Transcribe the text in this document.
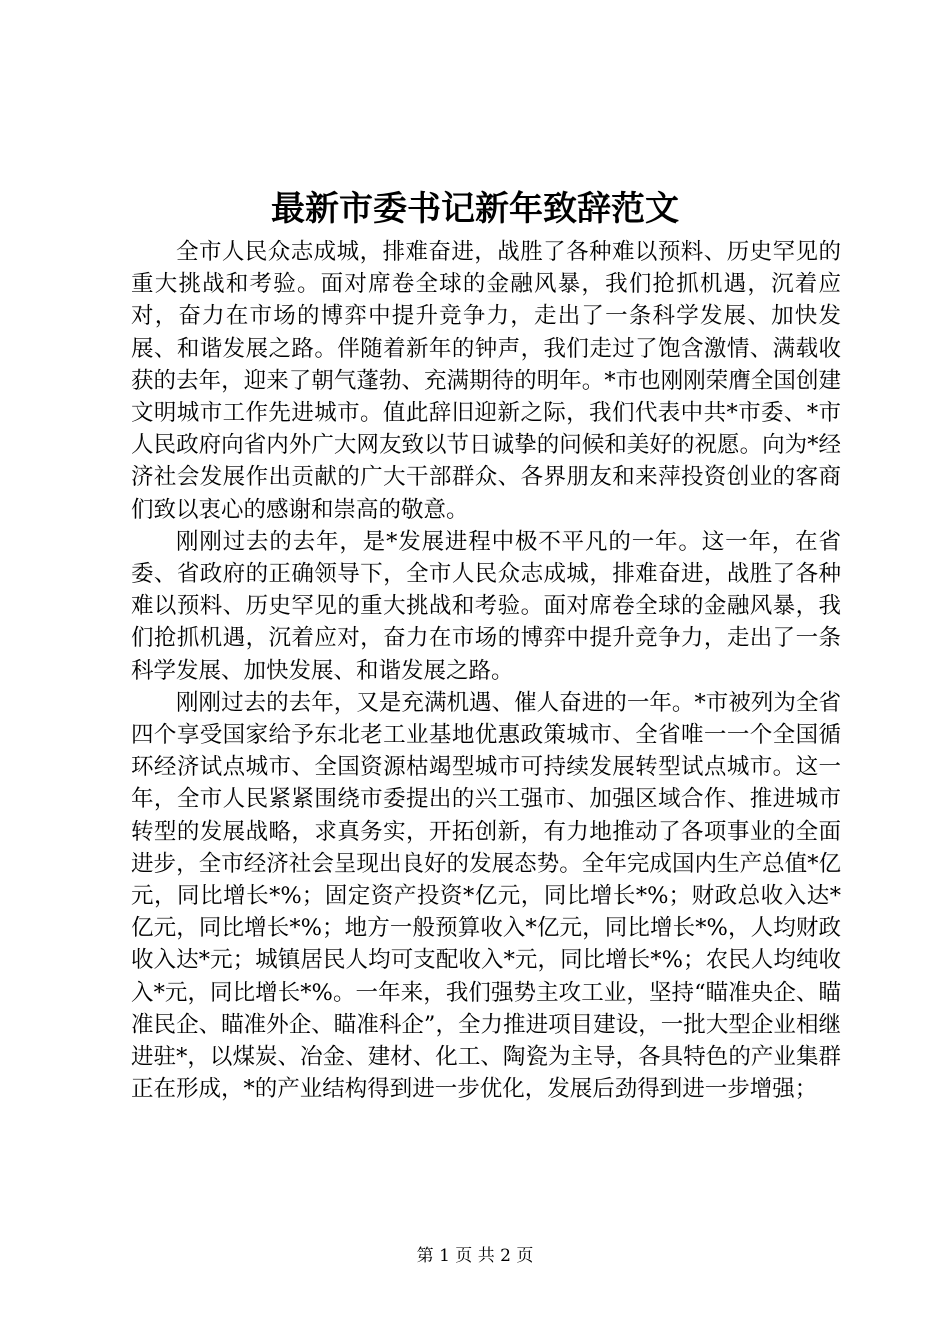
最新市委书记新年致辞范文

全市人民众志成城，排难奋进，战胜了各种难以预料、历史罕见的重大挑战和考验。面对席卷全球的金融风暴，我们抢抓机遇，沉着应对，奋力在市场的博弈中提升竞争力，走出了一条科学发展、加快发展、和谐发展之路。伴随着新年的钟声，我们走过了饱含激情、满载收获的去年，迎来了朝气蓬勃、充满期待的明年。*市也刚刚荣膺全国创建文明城市工作先进城市。值此辞旧迎新之际，我们代表中共*市委、*市人民政府向省内外广大网友致以节日诚挚的问候和美好的祝愿。向为*经济社会发展作出贡献的广大干部群众、各界朋友和来萍投资创业的客商们致以衷心的感谢和崇高的敬意。

刚刚过去的去年，是*发展进程中极不平凡的一年。这一年，在省委、省政府的正确领导下，全市人民众志成城，排难奋进，战胜了各种难以预料、历史罕见的重大挑战和考验。面对席卷全球的金融风暴，我们抢抓机遇，沉着应对，奋力在市场的博弈中提升竞争力，走出了一条科学发展、加快发展、和谐发展之路。

刚刚过去的去年，又是充满机遇、催人奋进的一年。*市被列为全省四个享受国家给予东北老工业基地优惠政策城市、全省唯一一个全国循环经济试点城市、全国资源枯竭型城市可持续发展转型试点城市。这一年，全市人民紧紧围绕市委提出的兴工强市、加强区域合作、推进城市转型的发展战略，求真务实，开拓创新，有力地推动了各项事业的全面进步，全市经济社会呈现出良好的发展态势。全年完成国内生产总值*亿元，同比增长*%；固定资产投资*亿元，同比增长*%；财政总收入达*亿元，同比增长*%；地方一般预算收入*亿元，同比增长*%，人均财政收入达*元；城镇居民人均可支配收入*元，同比增长*%；农民人均纯收入*元，同比增长*%。一年来，我们强势主攻工业，坚持“瞄准央企、瞄准民企、瞄准外企、瞄准科企”，全力推进项目建设，一批大型企业相继进驻*，以煤炭、冶金、建材、化工、陶瓷为主导，各具特色的产业集群正在形成，*的产业结构得到进一步优化，发展后劲得到进一步增强；

第 1 页 共 2 页
